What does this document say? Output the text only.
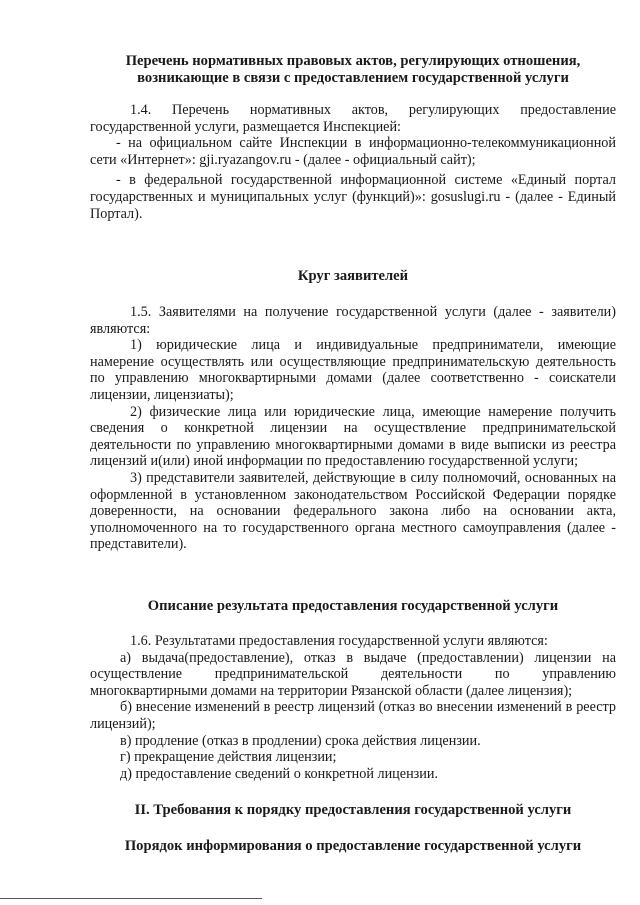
Перечень нормативных правовых актов, регулирующих отношения, возникающие в связи с предоставлением государственной услуги

1.4. Перечень нормативных актов, регулирующих предоставление государственной услуги, размещается Инспекцией:

- на официальном сайте Инспекции в информационно-телекоммуникационной сети «Интернет»: gji.ryazangov.ru - (далее - официальный сайт);

- в федеральной государственной информационной системе «Единый портал государственных и муниципальных услуг (функций)»: gosuslugi.ru - (далее - Единый Портал).

Круг заявителей

1.5. Заявителями на получение государственной услуги (далее - заявители) являются:

1) юридические лица и индивидуальные предприниматели, имеющие намерение осуществлять или осуществляющие предпринимательскую деятельность по управлению многоквартирными домами (далее соответственно - соискатели лицензии, лицензиаты);

2) физические лица или юридические лица, имеющие намерение получить сведения о конкретной лицензии на осуществление предпринимательской деятельности по управлению многоквартирными домами в виде выписки из реестра лицензий и(или) иной информации по предоставлению государственной услуги;

3) представители заявителей, действующие в силу полномочий, основанных на оформленной в установленном законодательством Российской Федерации порядке доверенности, на основании федерального закона либо на основании акта, уполномоченного на то государственного органа местного самоуправления (далее - представители).

Описание результата предоставления государственной услуги

1.6. Результатами предоставления государственной услуги являются:

а) выдача(предоставление), отказ в выдаче (предоставлении) лицензии на осуществление предпринимательской деятельности по управлению многоквартирными домами на территории Рязанской области (далее лицензия);

б) внесение изменений в реестр лицензий (отказ во внесении изменений в реестр лицензий);

в) продление (отказ в продлении) срока действия лицензии.

г) прекращение действия лицензии;

д) предоставление сведений о конкретной лицензии.

II. Требования к порядку предоставления государственной услуги
Порядок информирования о предоставление государственной услуги
